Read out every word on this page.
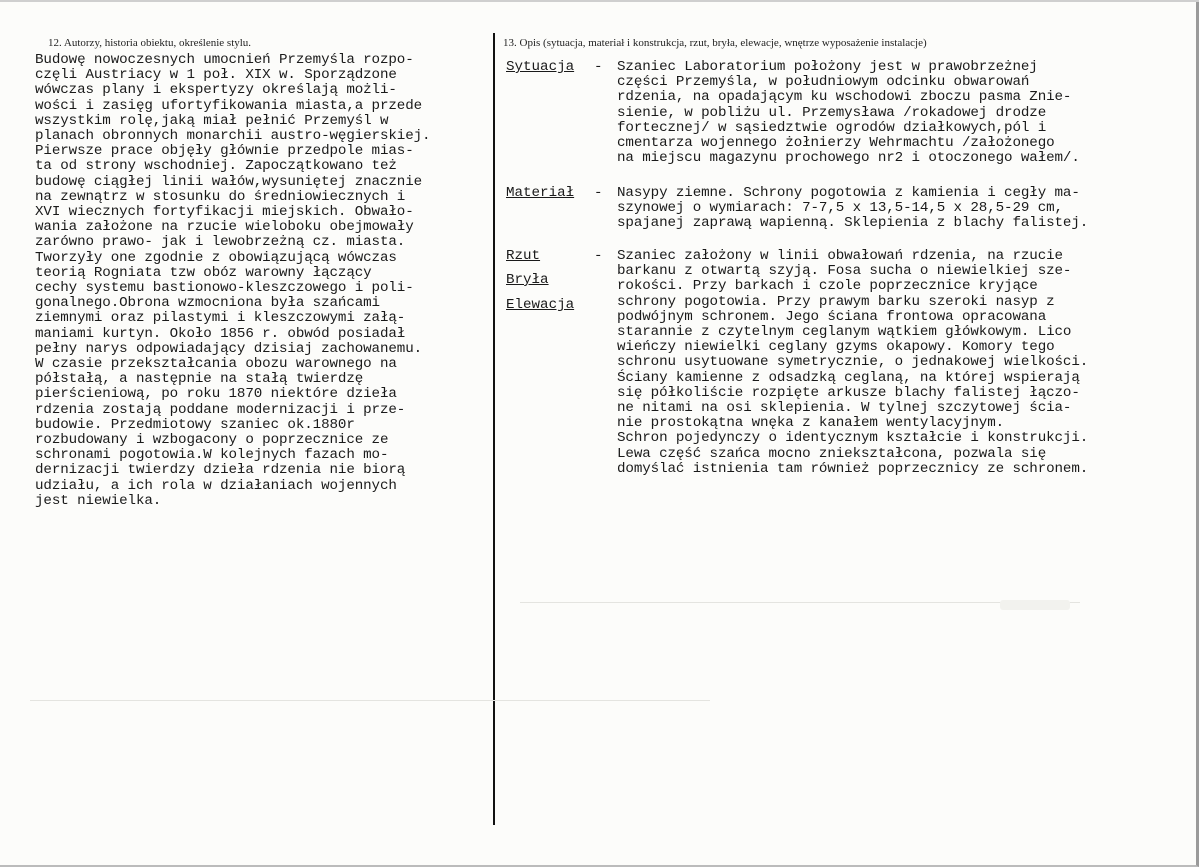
12. Autorzy, historia obiektu, określenie stylu.	13. Opis (sytuacja, materiał i konstrukcja, rzut, bryła, elewacje, wnętrze wyposażenie instalacje)
Budowę nowoczesnych umocnień Przemyśla rozpo-
częli Austriacy w 1 poł. XIX w. Sporządzone
wówczas plany i ekspertyzy określają możli-
wości i zasięg ufortyfikowania miasta,a przede
wszystkim rolę,jaką miał pełnić Przemyśl w
planach obronnych monarchii austro-węgierskiej.
Pierwsze prace objęły głównie przedpole mias-
ta od strony wschodniej. Zapoczątkowano też
budowę ciągłej linii wałów,wysuniętej znacznie
na zewnątrz w stosunku do średniowiecznych i
XVI wiecznych fortyfikacji miejskich. Obwało-
wania założone na rzucie wieloboku obejmowały
zarówno prawo- jak i lewobrzeżną cz. miasta.
Tworzyły one zgodnie z obowiązującą wówczas
teorią Rogniata tzw obóz warowny łączący
cechy systemu bastionowo-kleszczowego i poli-
gonalnego.Obrona wzmocniona była szańcami
ziemnymi oraz pilastymi i kleszczowymi załą-
maniami kurtyn. Około 1856 r. obwód posiadał
pełny narys odpowiadający dzisiaj zachowanemu.
W czasie przekształcania obozu warownego na
półstałą, a następnie na stałą twierdzę
pierścieniową, po roku 1870 niektóre dzieła
rdzenia zostają poddane modernizacji i prze-
budowie. Przedmiotowy szaniec ok.1880r
rozbudowany i wzbogacony o poprzecznice ze
schronami pogotowia.W kolejnych fazach mo-
dernizacji twierdzy dzieła rdzenia nie biorą
udziału, a ich rola w działaniach wojennych
jest niewielka.
Sytuacja - Szaniec Laboratorium położony jest w prawobrzeżnej
części Przemyśla, w południowym odcinku obwarowań
rdzenia, na opadającym ku wschodowi zboczu pasma Znie-
sienie, w pobliżu ul. Przemysława /rokadowej drodze
fortecznej/ w sąsiedztwie ogrodów działkowych,pól i
cmentarza wojennego żołnierzy Wehrmachtu /założonego
na miejscu magazynu prochowego nr2 i otoczonego wałem/.
Materiał - Nasypy ziemne. Schrony pogotowia z kamienia i cegły ma-
szynowej o wymiarach: 7-7,5 x 13,5-14,5 x 28,5-29 cm,
spajanej zaprawą wapienną. Sklepienia z blachy falistej.
Rzut
Bryła
Elewacja
- Szaniec założony w linii obwałowań rdzenia, na rzucie
barkanu z otwartą szyją. Fosa sucha o niewielkiej sze-
rokości. Przy barkach i czole poprzecznice kryjące
schrony pogotowia. Przy prawym barku szeroki nasyp z
podwójnym schronem. Jego ściana frontowa opracowana
starannie z czytelnym ceglanym wątkiem główkowym. Lico
wieńczy niewielki ceglany gzyms okapowy. Komory tego
schronu usytuowane symetrycznie, o jednakowej wielkości.
Ściany kamienne z odsadzką ceglaną, na której wspierają
się półkoliście rozpięte arkusze blachy falistej łączo-
ne nitami na osi sklepienia. W tylnej szczytowej ścia-
nie prostokątna wnęka z kanałem wentylacyjnym.
Schron pojedynczy o identycznym kształcie i konstrukcji.
Lewa część szańca mocno zniekształcona, pozwala się
domyślać istnienia tam również poprzecznicy ze schronem.
